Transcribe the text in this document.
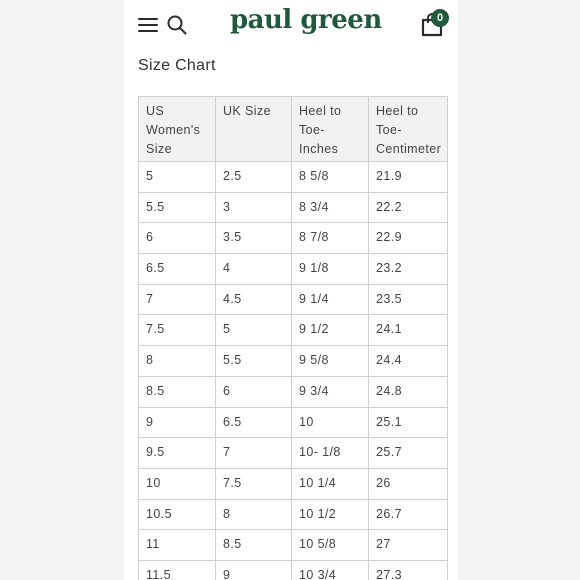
paul green	0
Size Chart
US Women's Size	UK Size	Heel to Toe- Inches	Heel to Toe- Centimeter
5	2.5	8 5/8	21.9
5.5	3	8 3/4	22.2
6	3.5	8 7/8	22.9
6.5	4	9 1/8	23.2
7	4.5	9 1/4	23.5
7.5	5	9 1/2	24.1
8	5.5	9 5/8	24.4
8.5	6	9 3/4	24.8
9	6.5	10	25.1
9.5	7	10- 1/8	25.7
10	7.5	10 1/4	26
10.5	8	10 1/2	26.7
11	8.5	10 5/8	27
11.5	9	10 3/4	27.3
